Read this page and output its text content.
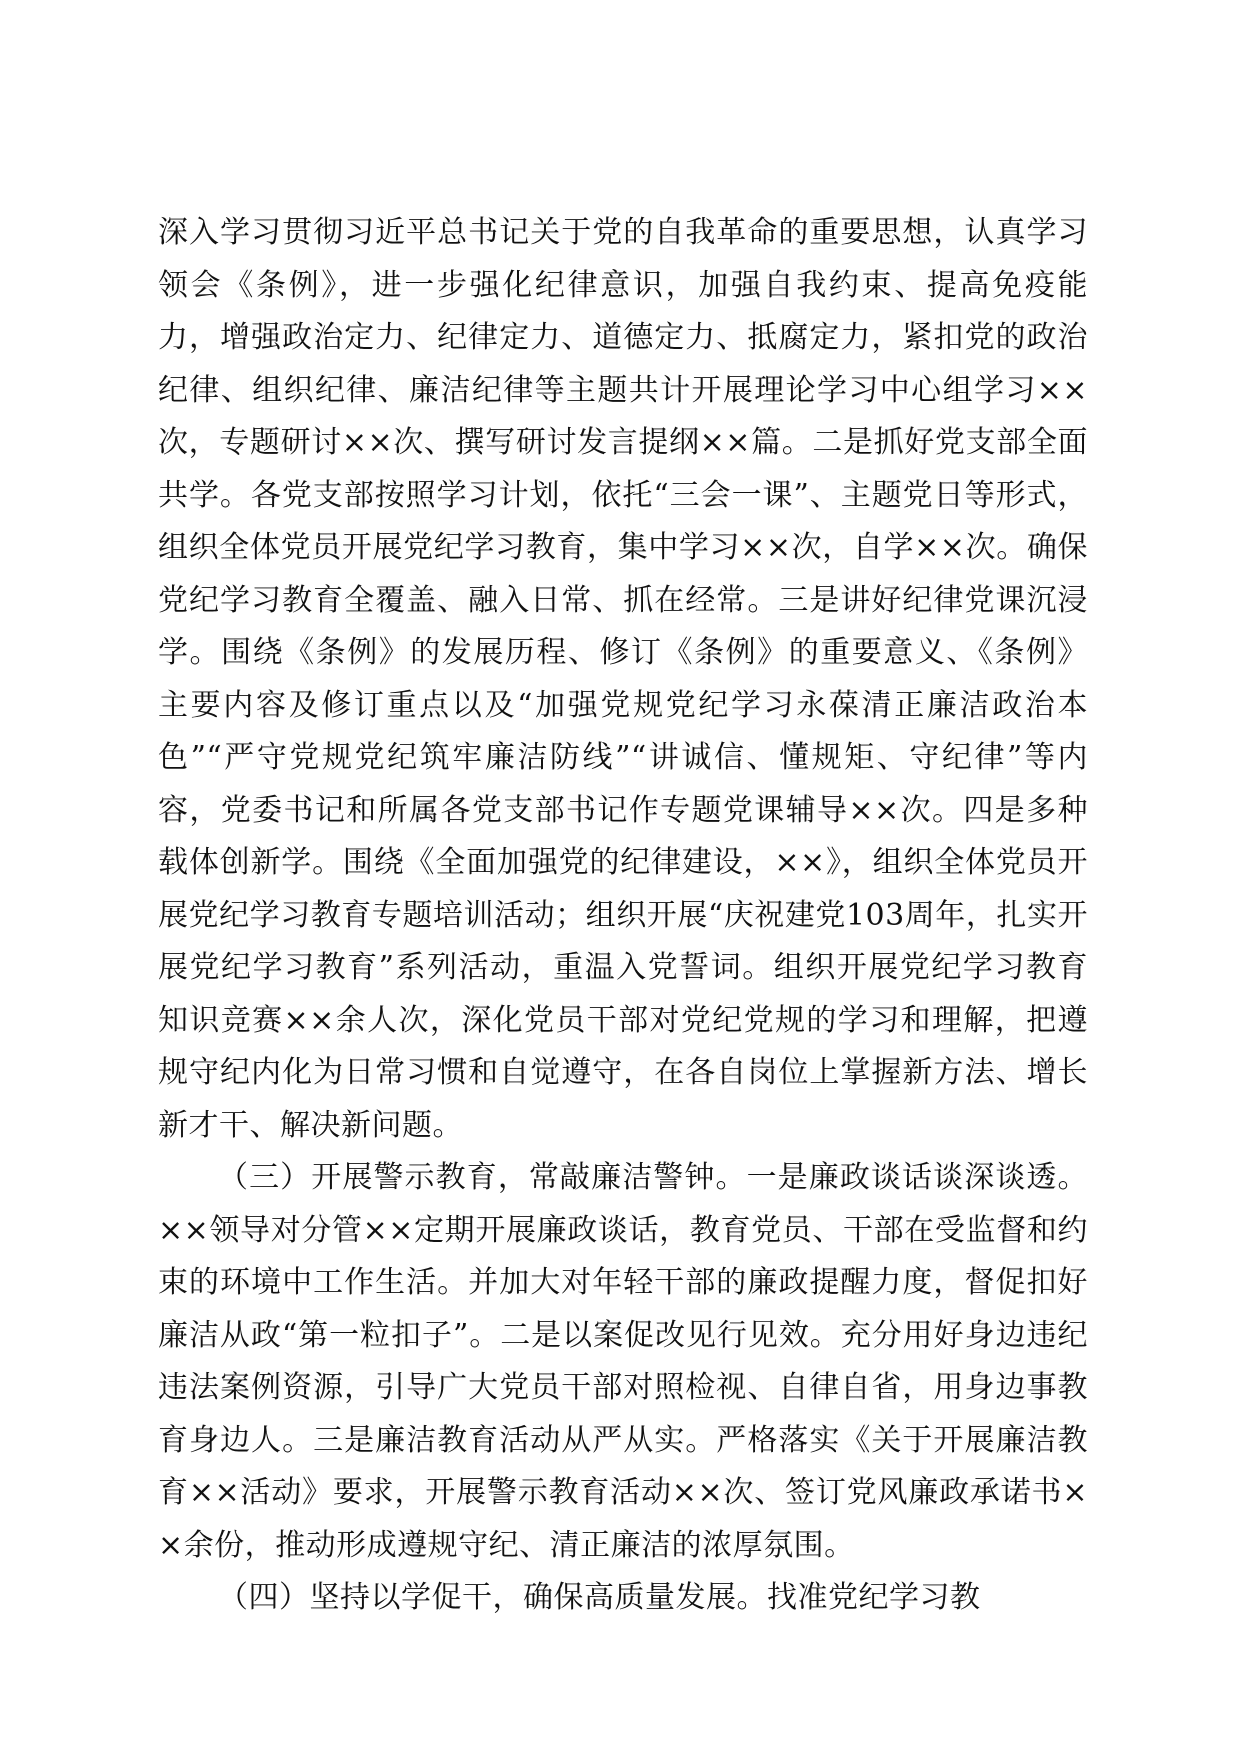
深入学习贯彻习近平总书记关于党的自我革命的重要思想，认真学习领会《条例》，进一步强化纪律意识，加强自我约束、提高免疫能力，增强政治定力、纪律定力、道德定力、抵腐定力，紧扣党的政治纪律、组织纪律、廉洁纪律等主题共计开展理论学习中心组学习××次，专题研讨××次、撰写研讨发言提纲××篇。二是抓好党支部全面共学。各党支部按照学习计划，依托“三会一课”、主题党日等形式，组织全体党员开展党纪学习教育，集中学习××次，自学××次。确保党纪学习教育全覆盖、融入日常、抓在经常。三是讲好纪律党课沉浸学。围绕《条例》的发展历程、修订《条例》的重要意义、《条例》主要内容及修订重点以及“加强党规党纪学习永葆清正廉洁政治本色”“严守党规党纪筑牢廉洁防线”“讲诚信、懂规矩、守纪律”等内容，党委书记和所属各党支部书记作专题党课辅导××次。四是多种载体创新学。围绕《全面加强党的纪律建设，××》，组织全体党员开展党纪学习教育专题培训活动；组织开展“庆祝建党103周年，扎实开展党纪学习教育”系列活动，重温入党誓词。组织开展党纪学习教育知识竞赛××余人次，深化党员干部对党纪党规的学习和理解，把遵规守纪内化为日常习惯和自觉遵守，在各自岗位上掌握新方法、增长新才干、解决新问题。

（三）开展警示教育，常敲廉洁警钟。一是廉政谈话谈深谈透。××领导对分管××定期开展廉政谈话，教育党员、干部在受监督和约束的环境中工作生活。并加大对年轻干部的廉政提醒力度，督促扣好廉洁从政“第一粒扣子”。二是以案促改见行见效。充分用好身边违纪违法案例资源，引导广大党员干部对照检视、自律自省，用身边事教育身边人。三是廉洁教育活动从严从实。严格落实《关于开展廉洁教育××活动》要求，开展警示教育活动××次、签订党风廉政承诺书××余份，推动形成遵规守纪、清正廉洁的浓厚氛围。

（四）坚持以学促干，确保高质量发展。找准党纪学习教
